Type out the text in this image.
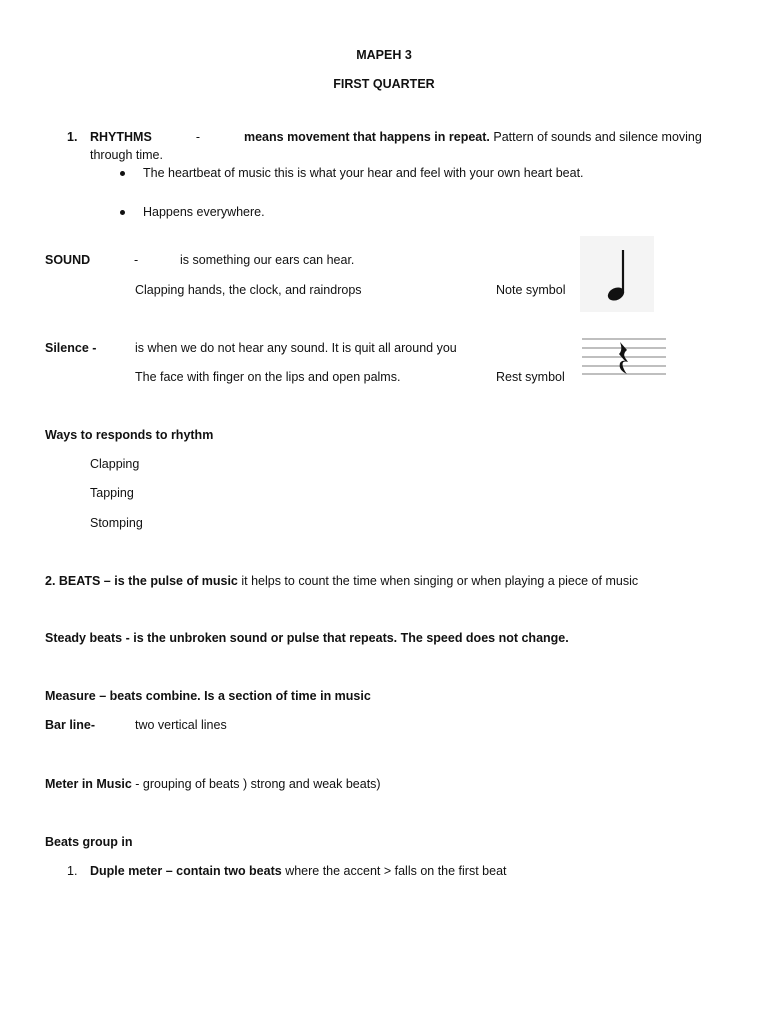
MAPEH 3
FIRST QUARTER
1. RHYTHMS	-	means movement that happens in repeat. Pattern of sounds and silence moving through time.
The heartbeat of music this is what your hear and feel with your own heart beat.
Happens everywhere.
SOUND	-	is something our ears can hear.
Clapping hands, the clock, and raindrops	Note symbol
Silence -	is when we do not hear any sound. It is quit all around you
The face with finger on the lips and open palms.	Rest symbol
Ways to responds to rhythm
Clapping
Tapping
Stomping
2. BEATS – is the pulse of music it helps to count the time when singing or when playing a piece of music
Steady beats - is the unbroken sound or pulse that repeats. The speed does not change.
Measure – beats combine. Is a section of time in music
Bar line-	two vertical lines
Meter in Music - grouping of beats ) strong and weak beats)
Beats group in
1. Duple meter – contain two beats where the accent > falls on the first beat
